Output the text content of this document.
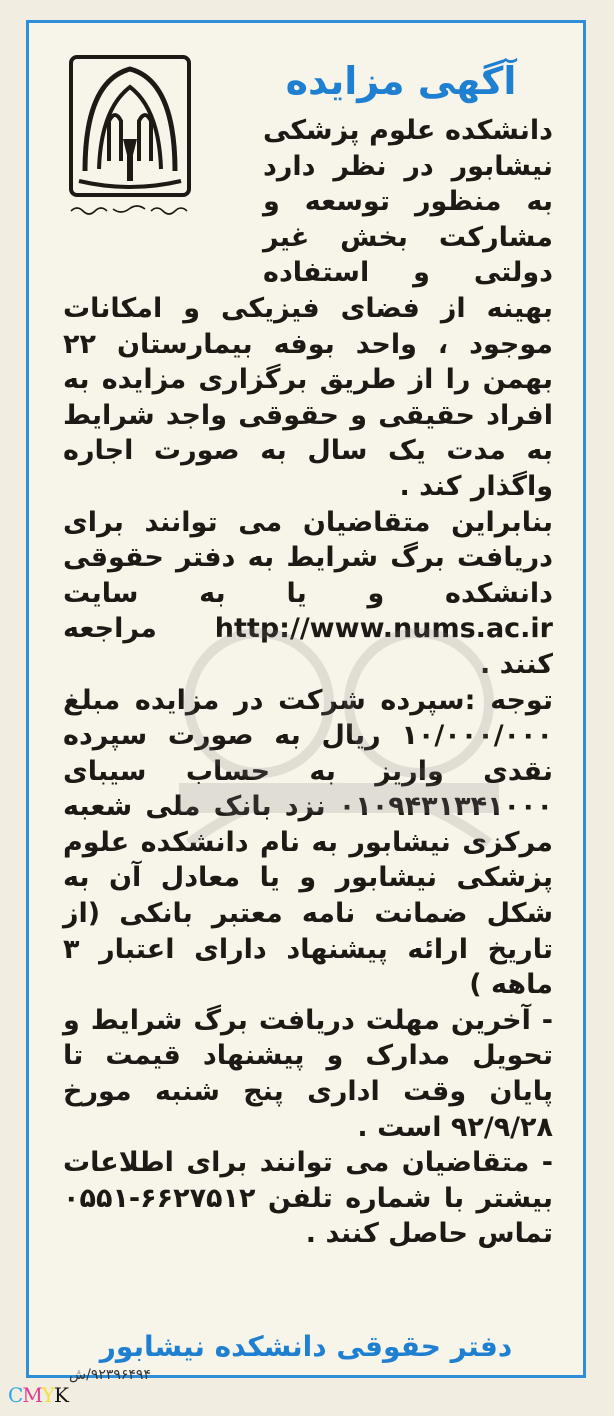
آگهی مزایده

دانشکده علوم پزشکی نیشابور در نظر دارد به منظور توسعه و مشارکت بخش غیر دولتی و استفاده بهینه از فضای فیزیکی و امکانات موجود ، واحد بوفه بیمارستان ۲۲ بهمن را از طریق برگزاری مزایده به افراد حقیقی و حقوقی واجد شرایط به مدت یک سال به صورت اجاره واگذار کند .

بنابراین متقاضیان می توانند برای دریافت برگ شرایط به دفتر حقوقی دانشکده و یا به سایت http://www.nums.ac.ir مراجعه کنند .

توجه :سپرده شرکت در مزایده مبلغ ۱۰/۰۰۰/۰۰۰ ریال به صورت سپرده نقدی واریز به حساب سیبای ۰۱۰۹۴۳۱۳۴۱۰۰۰ نزد بانک ملی شعبه مرکزی نیشابور به نام دانشکده علوم پزشکی نیشابور و یا معادل آن به شکل ضمانت نامه معتبر بانکی (از تاریخ ارائه پیشنهاد دارای اعتبار ۳ ماهه )

- آخرین مهلت دریافت برگ شرایط و تحویل مدارک و پیشنهاد قیمت تا پایان وقت اداری پنج شنبه مورخ ۹۲/۹/۲۸ است .

- متقاضیان می توانند برای اطلاعات بیشتر با شماره تلفن ۶۶۲۷۵۱۲-۰۵۵۱ تماس حاصل کنند .

دفتر حقوقی دانشکده نیشابور
۹۲۳۹۶۴۹۴/ش
CMYK
